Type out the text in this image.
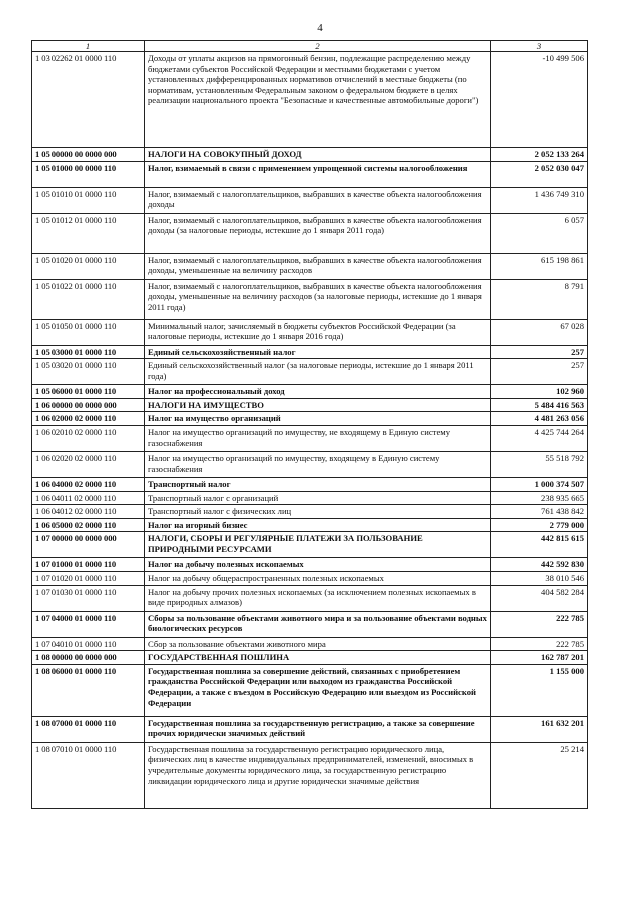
4
1	2	3
1 03 02262 01 0000 110	Доходы от уплаты акцизов на прямогонный бензин, подлежащие распределению между бюджетами субъектов Российской Федерации и местными бюджетами с учетом установленных дифференцированных нормативов отчислений в местные бюджеты (по нормативам, установленным Федеральным законом о федеральном бюджете в целях реализации национального проекта "Безопасные и качественные автомобильные дороги")	-10 499 506
1 05 00000 00 0000 000	НАЛОГИ НА СОВОКУПНЫЙ ДОХОД	2 052 133 264
1 05 01000 00 0000 110	Налог, взимаемый в связи с применением упрощенной системы налогообложения	2 052 030 047
1 05 01010 01 0000 110	Налог, взимаемый с налогоплательщиков, выбравших в качестве объекта налогообложения доходы	1 436 749 310
1 05 01012 01 0000 110	Налог, взимаемый с налогоплательщиков, выбравших в качестве объекта налогообложения доходы (за налоговые периоды, истекшие до 1 января 2011 года)	6 057
1 05 01020 01 0000 110	Налог, взимаемый с налогоплательщиков, выбравших в качестве объекта налогообложения доходы, уменьшенные на величину расходов	615 198 861
1 05 01022 01 0000 110	Налог, взимаемый с налогоплательщиков, выбравших в качестве объекта налогообложения доходы, уменьшенные на величину расходов (за налоговые периоды, истекшие до 1 января 2011 года)	8 791
1 05 01050 01 0000 110	Минимальный налог, зачисляемый в бюджеты субъектов Российской Федерации (за налоговые периоды, истекшие до 1 января 2016 года)	67 028
1 05 03000 01 0000 110	Единый сельскохозяйственный налог	257
1 05 03020 01 0000 110	Единый сельскохозяйственный налог (за налоговые периоды, истекшие до 1 января 2011 года)	257
1 05 06000 01 0000 110	Налог на профессиональный доход	102 960
1 06 00000 00 0000 000	НАЛОГИ НА ИМУЩЕСТВО	5 484 416 563
1 06 02000 02 0000 110	Налог на имущество организаций	4 481 263 056
1 06 02010 02 0000 110	Налог на имущество организаций по имуществу, не входящему в Единую систему газоснабжения	4 425 744 264
1 06 02020 02 0000 110	Налог на имущество организаций по имуществу, входящему в Единую систему газоснабжения	55 518 792
1 06 04000 02 0000 110	Транспортный налог	1 000 374 507
1 06 04011 02 0000 110	Транспортный налог с организаций	238 935 665
1 06 04012 02 0000 110	Транспортный налог с физических лиц	761 438 842
1 06 05000 02 0000 110	Налог на игорный бизнес	2 779 000
1 07 00000 00 0000 000	НАЛОГИ, СБОРЫ И РЕГУЛЯРНЫЕ ПЛАТЕЖИ ЗА ПОЛЬЗОВАНИЕ ПРИРОДНЫМИ РЕСУРСАМИ	442 815 615
1 07 01000 01 0000 110	Налог на добычу полезных ископаемых	442 592 830
1 07 01020 01 0000 110	Налог на добычу общераспространенных полезных ископаемых	38 010 546
1 07 01030 01 0000 110	Налог на добычу прочих полезных ископаемых (за исключением полезных ископаемых в виде природных алмазов)	404 582 284
1 07 04000 01 0000 110	Сборы за пользование объектами животного мира и за пользование объектами водных биологических ресурсов	222 785
1 07 04010 01 0000 110	Сбор за пользование объектами животного мира	222 785
1 08 00000 00 0000 000	ГОСУДАРСТВЕННАЯ ПОШЛИНА	162 787 201
1 08 06000 01 0000 110	Государственная пошлина за совершение действий, связанных с приобретением гражданства Российской Федерации или выходом из гражданства Российской Федерации, а также с въездом в Российскую Федерацию или выездом из Российской Федерации	1 155 000
1 08 07000 01 0000 110	Государственная пошлина за государственную регистрацию, а также за совершение прочих юридически значимых действий	161 632 201
1 08 07010 01 0000 110	Государственная пошлина за государственную регистрацию юридического лица, физических лиц в качестве индивидуальных предпринимателей, изменений, вносимых в учредительные документы юридического лица, за государственную регистрацию ликвидации юридического лица и другие юридически значимые действия	25 214
